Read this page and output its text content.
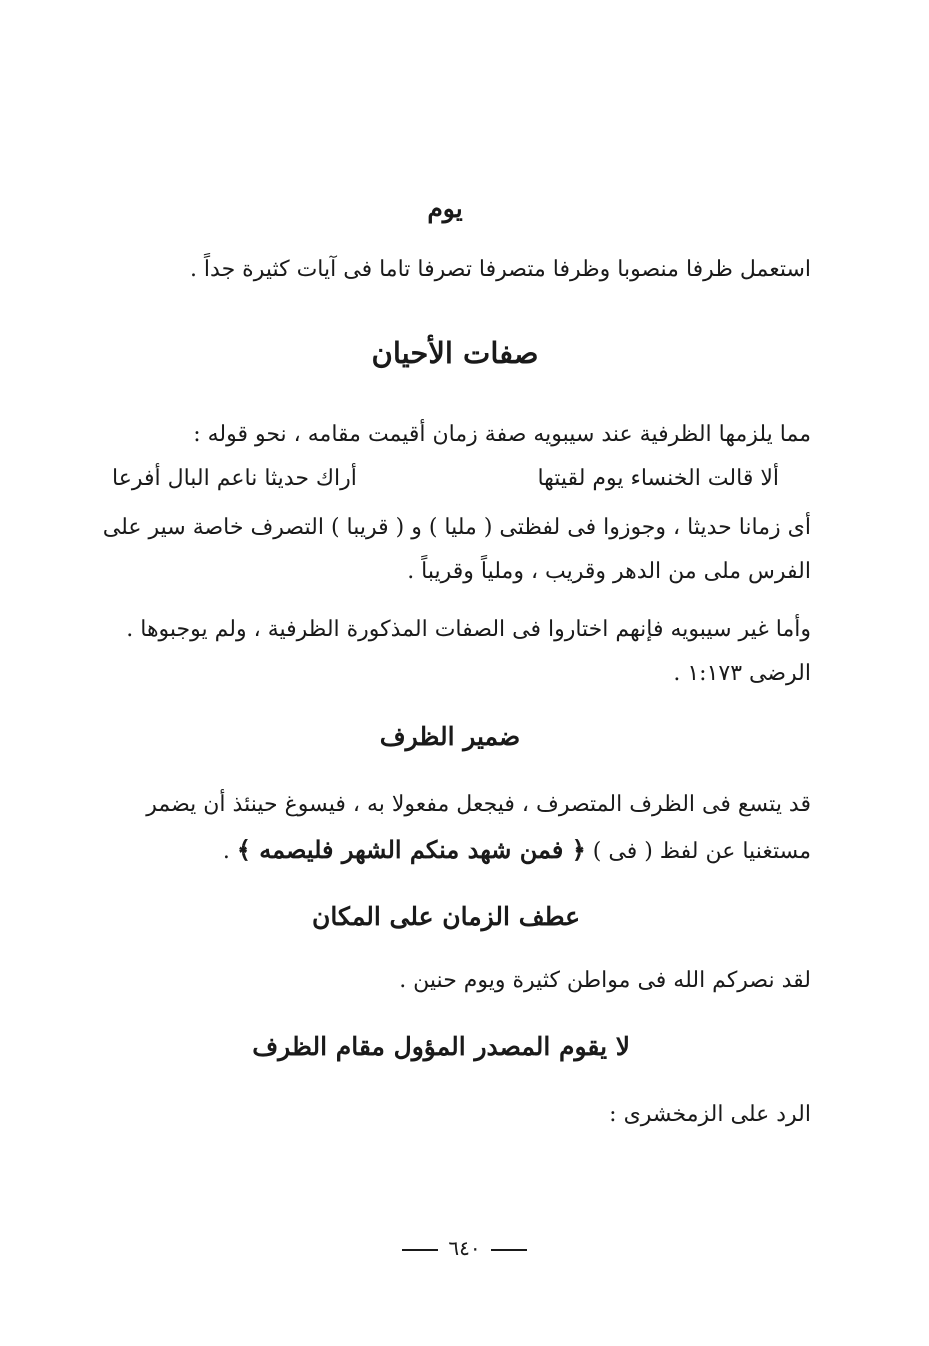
يوم
استعمل ظرفا منصوبا وظرفا متصرفا تصرفا تاما فى آيات كثيرة جداً .
صفات الأحيان
مما يلزمها الظرفية عند سيبويه صفة زمان أقيمت مقامه ، نحو قوله :
ألا قالت الخنساء يوم لقيتها
أراك حديثا ناعم البال أفرعا
أى زمانا حديثا ، وجوزوا فى لفظتى ( مليا ) و ( قريبا ) التصرف خاصة سير على
الفرس ملى من الدهر وقريب ، وملياً وقريباً .
وأما غير سيبويه فإنهم اختاروا فى الصفات المذكورة الظرفية ، ولم يوجبوها .
الرضى ١:١٧٣ .
ضمير الظرف
قد يتسع فى الظرف المتصرف ، فيجعل مفعولا به ، فيسوغ حينئذ أن يضمر
مستغنيا عن لفظ ( فى ) ﴿ فمن شهد منكم الشهر فليصمه ﴾ .
عطف الزمان على المكان
لقد نصركم الله فى مواطن كثيرة ويوم حنين .
لا يقوم المصدر المؤول مقام الظرف
الرد على الزمخشرى :
٦٤٠
